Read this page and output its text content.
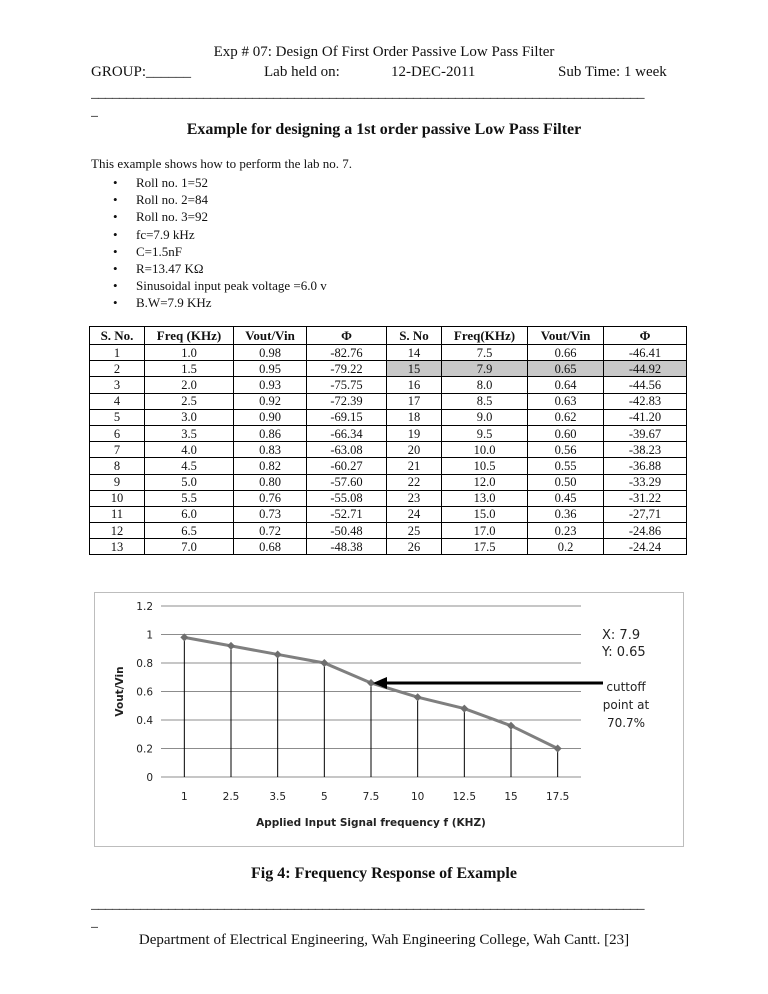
Exp # 07: Design Of First Order Passive Low Pass Filter
GROUP:______	Lab held on:	12-DEC-2011	Sub Time: 1 week
_______________________________________________________________________________
_
Example for designing a 1st order passive Low Pass Filter
This example shows how to perform the lab no. 7.
• Roll no. 1=52
• Roll no. 2=84
• Roll no. 3=92
• fc=7.9 kHz
• C=1.5nF
• R=13.47 KΩ
• Sinusoidal input peak voltage =6.0 v
• B.W=7.9 KHz
S. No.	Freq (KHz)	Vout/Vin	Φ	S. No	Freq(KHz)	Vout/Vin	Φ
1	1.0	0.98	-82.76	14	7.5	0.66	-46.41
2	1.5	0.95	-79.22	15	7.9	0.65	-44.92
3	2.0	0.93	-75.75	16	8.0	0.64	-44.56
4	2.5	0.92	-72.39	17	8.5	0.63	-42.83
5	3.0	0.90	-69.15	18	9.0	0.62	-41.20
6	3.5	0.86	-66.34	19	9.5	0.60	-39.67
7	4.0	0.83	-63.08	20	10.0	0.56	-38.23
8	4.5	0.82	-60.27	21	10.5	0.55	-36.88
9	5.0	0.80	-57.60	22	12.0	0.50	-33.29
10	5.5	0.76	-55.08	23	13.0	0.45	-31.22
11	6.0	0.73	-52.71	24	15.0	0.36	-27,71
12	6.5	0.72	-50.48	25	17.0	0.23	-24.86
13	7.0	0.68	-48.38	26	17.5	0.2	-24.24
0
0.2
0.4
0.6
0.8
1
1.2
1	2.5	3.5	5	7.5	10	12.5	15	17.5
Applied Input Signal frequency f (KHZ)
Vout/Vin
X: 7.9
Y: 0.65
cuttoff
point at
70.7%
Fig 4: Frequency Response of Example
_______________________________________________________________________________
_
Department of Electrical Engineering, Wah Engineering College, Wah Cantt. [23]
